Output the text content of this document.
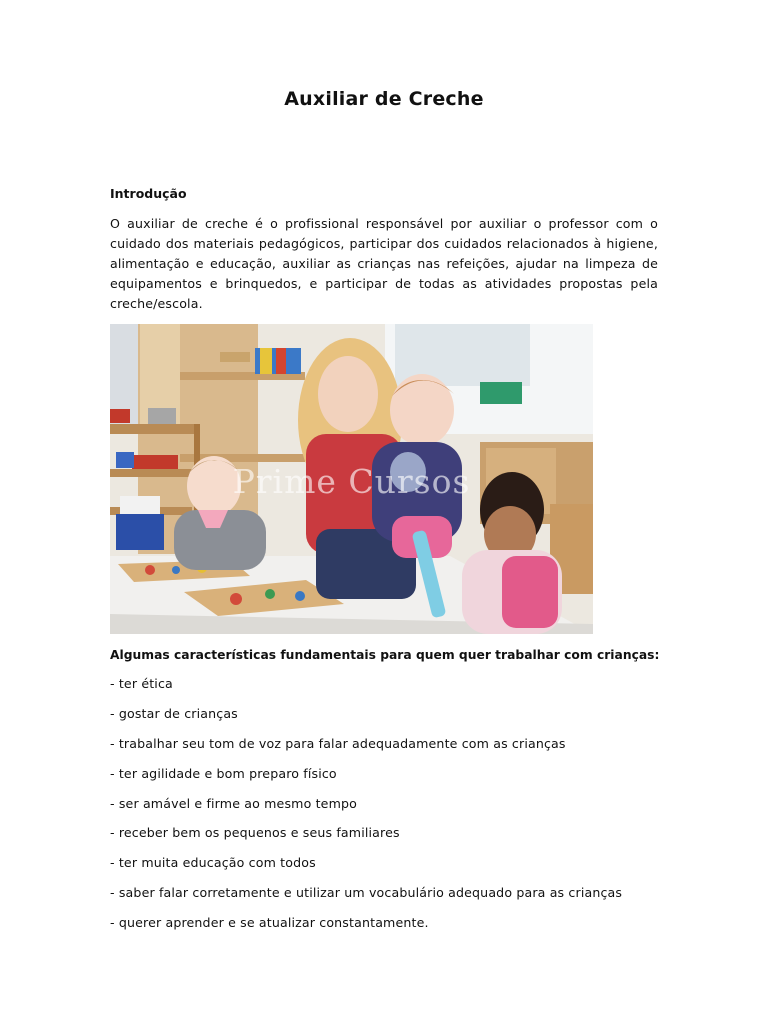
Auxiliar de Creche
Introdução
O auxiliar de creche é o profissional responsável por auxiliar o professor com o cuidado dos materiais pedagógicos, participar dos cuidados relacionados à higiene, alimentação e educação, auxiliar as crianças nas refeições, ajudar na limpeza de equipamentos e brinquedos, e participar de todas as atividades propostas pela creche/escola.
Prime Cursos
Algumas características fundamentais para quem quer trabalhar com crianças:
- ter ética
- gostar de crianças
- trabalhar seu tom de voz para falar adequadamente com as crianças
- ter agilidade e bom preparo físico
- ser amável e firme ao mesmo tempo
- receber bem os pequenos e seus familiares
- ter muita educação com todos
- saber falar corretamente e utilizar um vocabulário adequado para as crianças
- querer aprender e se atualizar constantamente.
